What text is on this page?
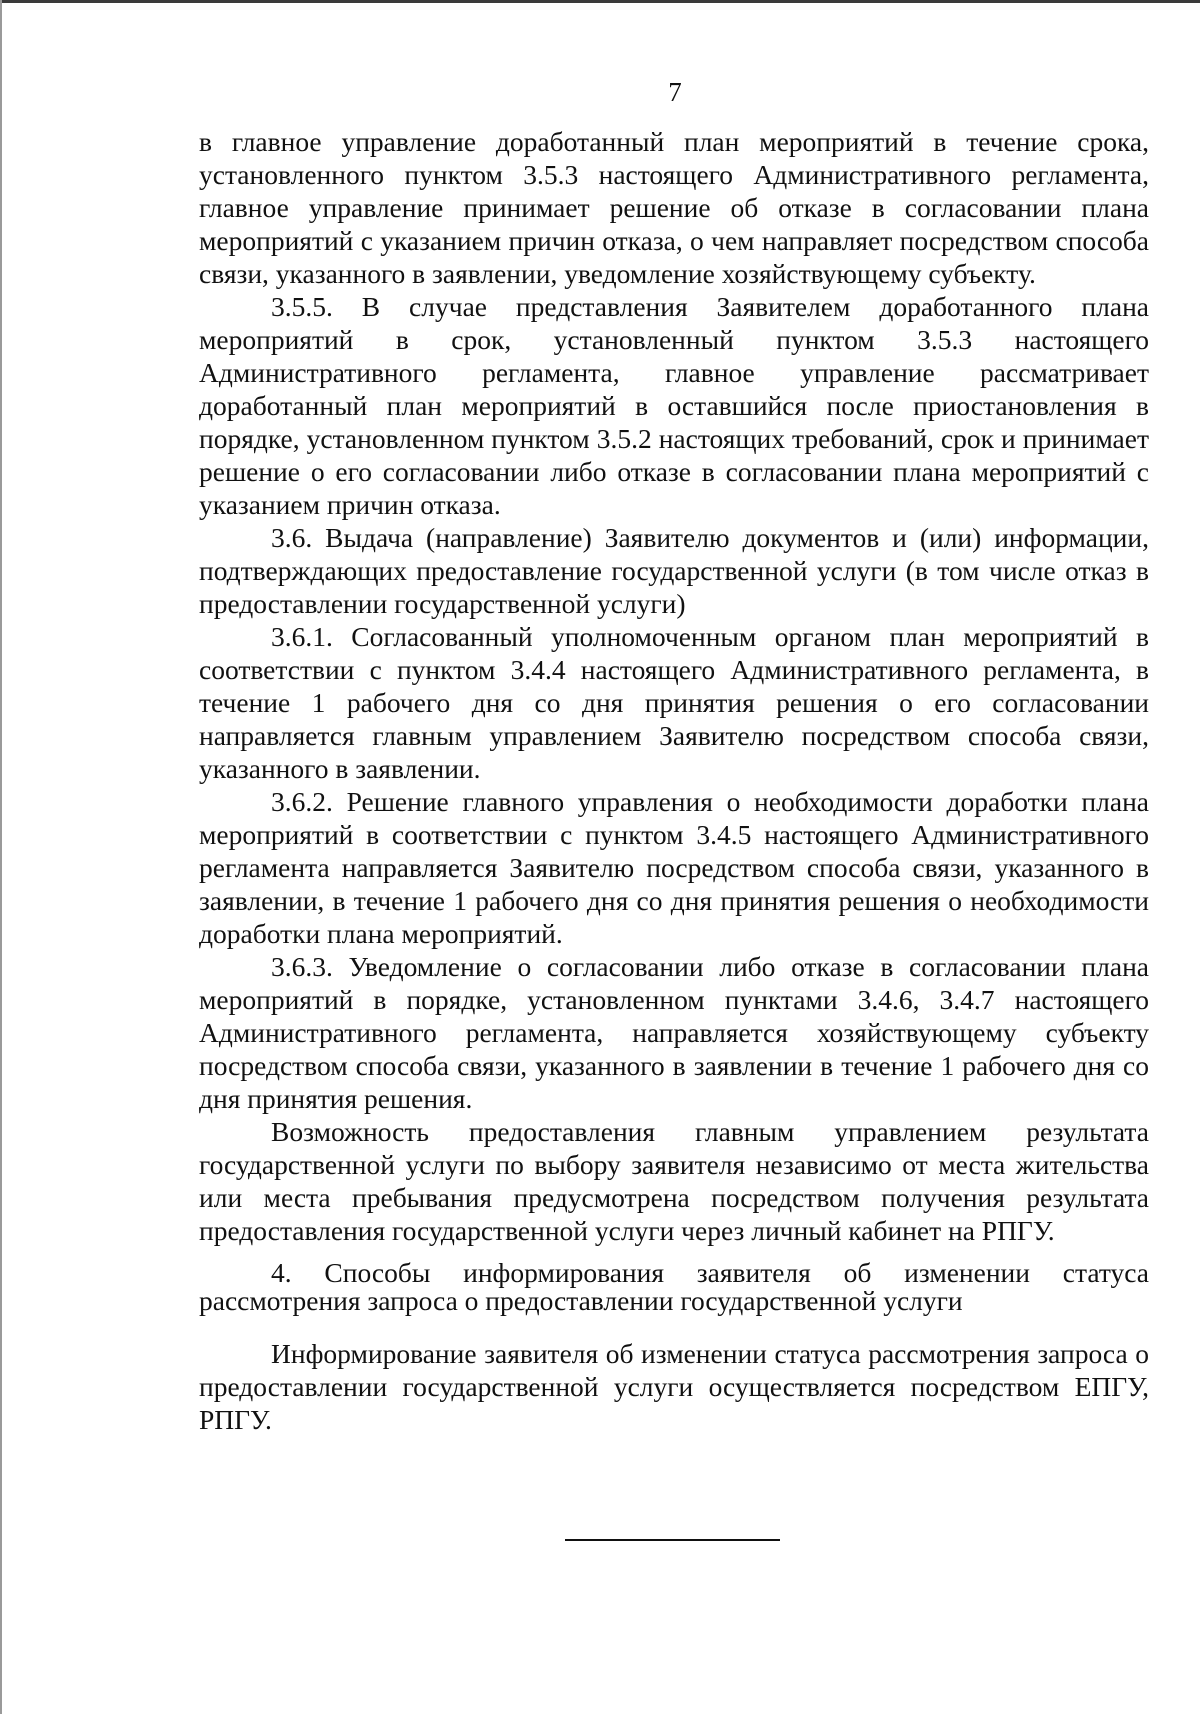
7

в главное управление доработанный план мероприятий в течение срока, установленного пунктом 3.5.3 настоящего Административного регламента, главное управление принимает решение об отказе в согласовании плана мероприятий с указанием причин отказа, о чем направляет посредством способа связи, указанного в заявлении, уведомление хозяйствующему субъекту.

3.5.5. В случае представления Заявителем доработанного плана мероприятий в срок, установленный пунктом 3.5.3 настоящего Административного регламента, главное управление рассматривает доработанный план мероприятий в оставшийся после приостановления в порядке, установленном пунктом 3.5.2 настоящих требований, срок и принимает решение о его согласовании либо отказе в согласовании плана мероприятий с указанием причин отказа.

3.6. Выдача (направление) Заявителю документов и (или) информации, подтверждающих предоставление государственной услуги (в том числе отказ в предоставлении государственной услуги)

3.6.1. Согласованный уполномоченным органом план мероприятий в соответствии с пунктом 3.4.4 настоящего Административного регламента, в течение 1 рабочего дня со дня принятия решения о его согласовании направляется главным управлением Заявителю посредством способа связи, указанного в заявлении.

3.6.2. Решение главного управления о необходимости доработки плана мероприятий в соответствии с пунктом 3.4.5 настоящего Административного регламента направляется Заявителю посредством способа связи, указанного в заявлении, в течение 1 рабочего дня со дня принятия решения о необходимости доработки плана мероприятий.

3.6.3. Уведомление о согласовании либо отказе в согласовании плана мероприятий в порядке, установленном пунктами 3.4.6, 3.4.7 настоящего Административного регламента, направляется хозяйствующему субъекту посредством способа связи, указанного в заявлении в течение 1 рабочего дня со дня принятия решения.

Возможность предоставления главным управлением результата государственной услуги по выбору заявителя независимо от места жительства или места пребывания предусмотрена посредством получения результата предоставления государственной услуги через личный кабинет на РПГУ.

4. Способы информирования заявителя об изменении статуса рассмотрения запроса о предоставлении государственной услуги

Информирование заявителя об изменении статуса рассмотрения запроса о предоставлении государственной услуги осуществляется посредством ЕПГУ, РПГУ.
